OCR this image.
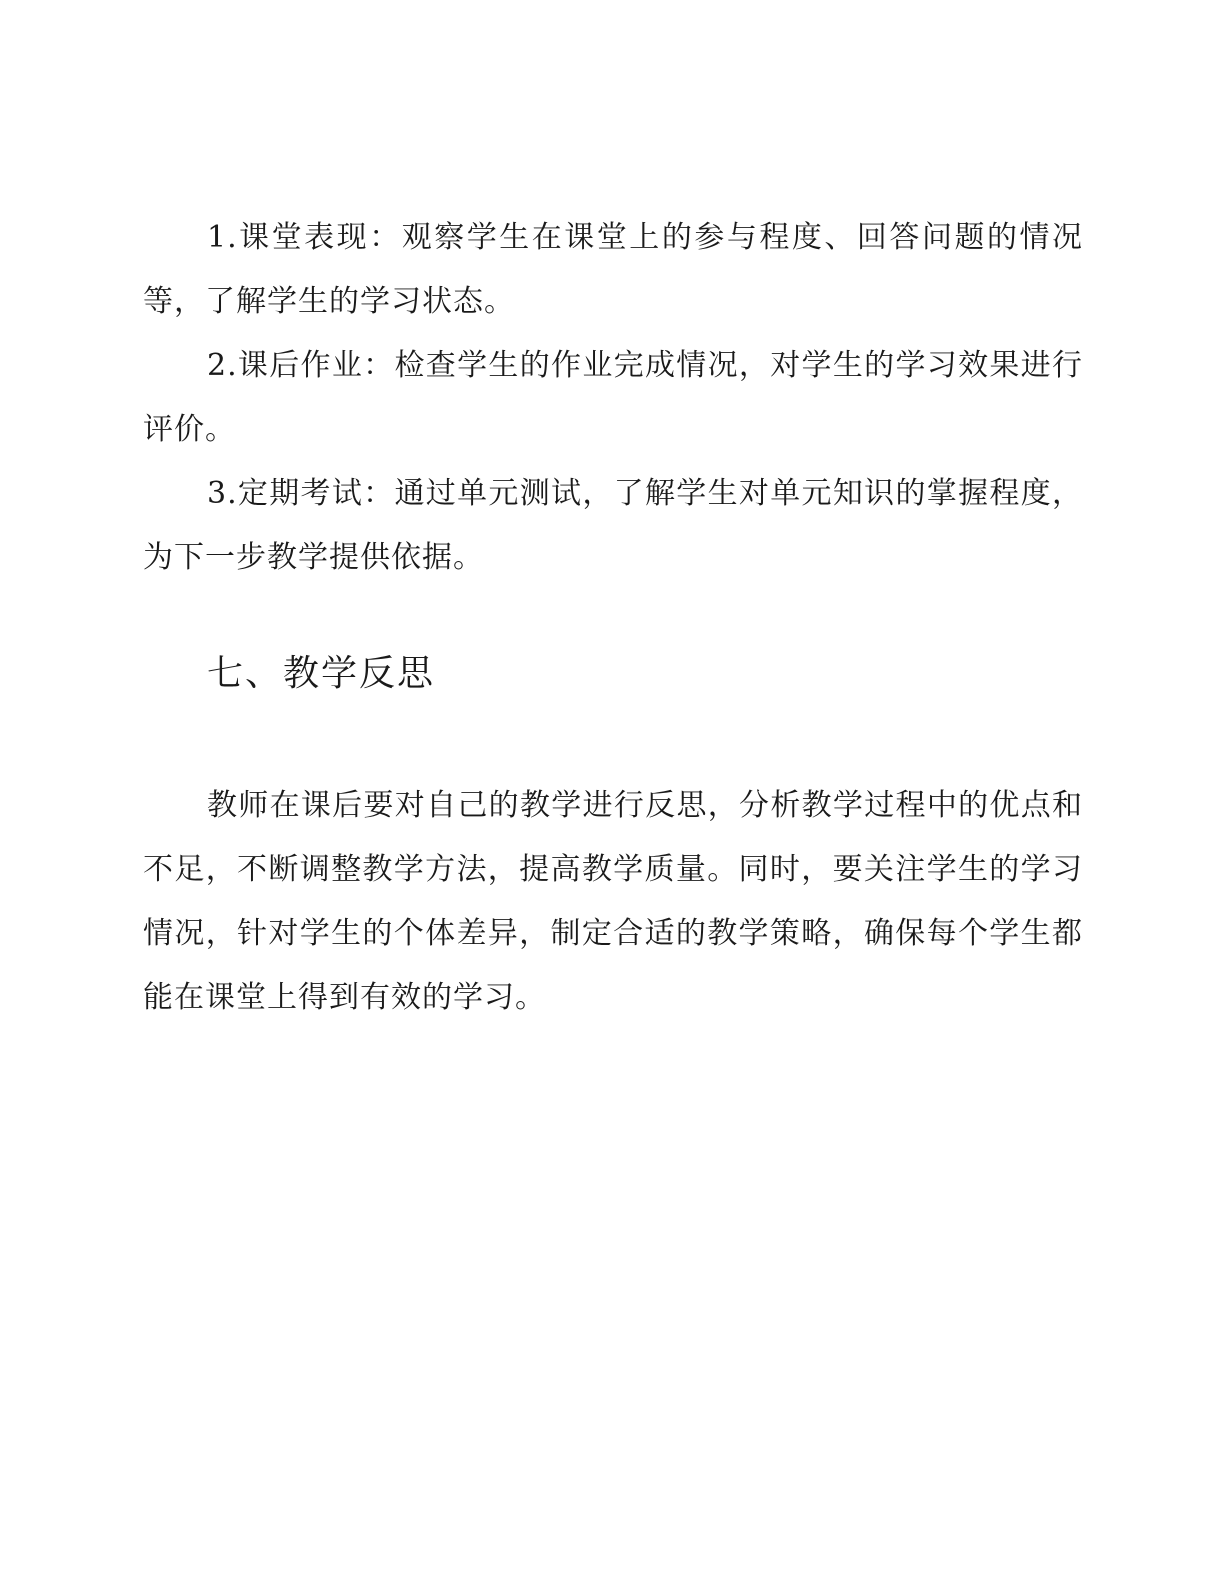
1.课堂表现：观察学生在课堂上的参与程度、回答问题的情况等，了解学生的学习状态。

2.课后作业：检查学生的作业完成情况，对学生的学习效果进行评价。

3.定期考试：通过单元测试，了解学生对单元知识的掌握程度，为下一步教学提供依据。

七、教学反思

教师在课后要对自己的教学进行反思，分析教学过程中的优点和不足，不断调整教学方法，提高教学质量。同时，要关注学生的学习情况，针对学生的个体差异，制定合适的教学策略，确保每个学生都能在课堂上得到有效的学习。
